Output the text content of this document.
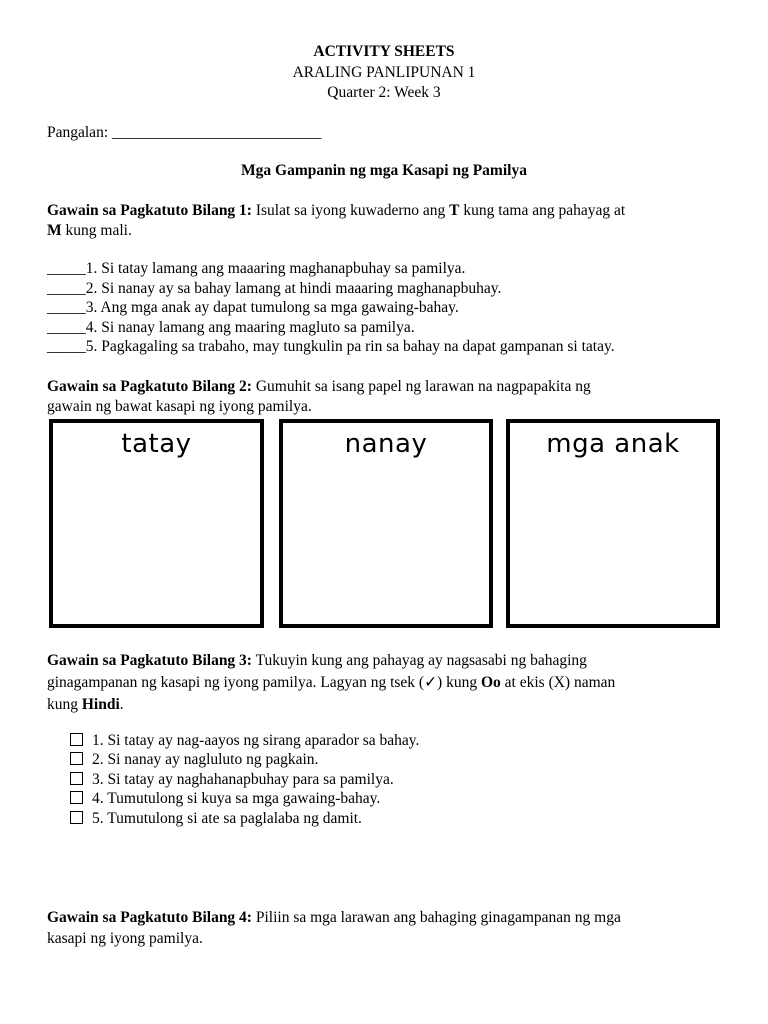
ACTIVITY SHEETS
ARALING PANLIPUNAN 1
Quarter 2: Week 3
Pangalan: ___________________________
Mga Gampanin ng mga Kasapi ng Pamilya
Gawain sa Pagkatuto Bilang 1: Isulat sa iyong kuwaderno ang T kung tama ang pahayag at
M kung mali.
_____1. Si tatay lamang ang maaaring maghanapbuhay sa pamilya.
_____2. Si nanay ay sa bahay lamang at hindi maaaring maghanapbuhay.
_____3. Ang mga anak ay dapat tumulong sa mga gawaing-bahay.
_____4. Si nanay lamang ang maaring magluto sa pamilya.
_____5. Pagkagaling sa trabaho, may tungkulin pa rin sa bahay na dapat gampanan si tatay.
Gawain sa Pagkatuto Bilang 2: Gumuhit sa isang papel ng larawan na nagpapakita ng
gawain ng bawat kasapi ng iyong pamilya.
tatay	nanay	mga anak
Gawain sa Pagkatuto Bilang 3: Tukuyin kung ang pahayag ay nagsasabi ng bahaging
ginagampanan ng kasapi ng iyong pamilya. Lagyan ng tsek (✓) kung Oo at ekis (X) naman
kung Hindi.
1. Si tatay ay nag-aayos ng sirang aparador sa bahay.
2. Si nanay ay nagluluto ng pagkain.
3. Si tatay ay naghahanapbuhay para sa pamilya.
4. Tumutulong si kuya sa mga gawaing-bahay.
5. Tumutulong si ate sa paglalaba ng damit.
Gawain sa Pagkatuto Bilang 4: Piliin sa mga larawan ang bahaging ginagampanan ng mga
kasapi ng iyong pamilya.
